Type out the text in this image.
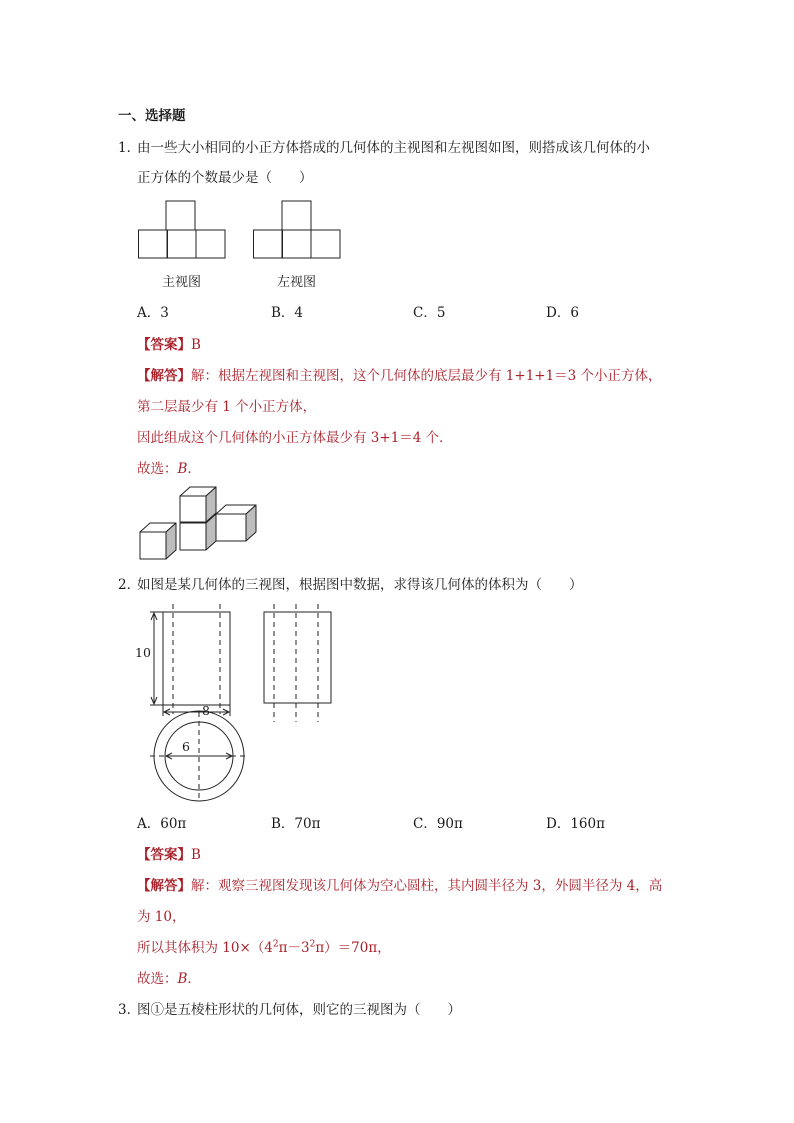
一、选择题
1．
由一些大小相同的小正方体搭成的几何体的主视图和左视图如图，则搭成该几何体的小
正方体的个数最少是（　　）
主视图	左视图
A．3	B．4	C．5	D．6
【答案】B
【解答】解：根据左视图和主视图，这个几何体的底层最少有 1+1+1＝3 个小正方体，
第二层最少有 1 个小正方体，
因此组成这个几何体的小正方体最少有 3+1＝4 个．
故选：B．
2．
如图是某几何体的三视图，根据图中数据，求得该几何体的体积为（　　）
10
8
6
A．60π	B．70π	C．90π	D．160π
【答案】B
【解答】解：观察三视图发现该几何体为空心圆柱，其内圆半径为 3，外圆半径为 4，高
为 10，
所以其体积为 $10\times(4^2\pi-3^2\pi)=70\pi$，
故选：B．
3．
图①是五棱柱形状的几何体，则它的三视图为（　　）
